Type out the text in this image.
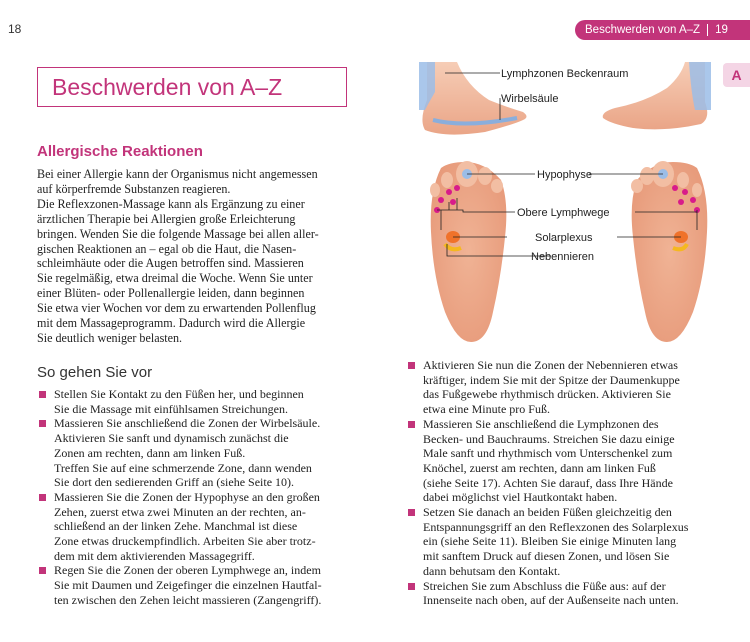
18	Beschwerden von A–Z 19
A
Beschwerden von A–Z
Allergische Reaktionen
Bei einer Allergie kann der Organismus nicht angemessen
auf körperfremde Substanzen reagieren.
Die Reflexzonen-Massage kann als Ergänzung zu einer
ärztlichen Therapie bei Allergien große Erleichterung
bringen. Wenden Sie die folgende Massage bei allen aller-
gischen Reaktionen an – egal ob die Haut, die Nasen-
schleimhäute oder die Augen betroffen sind. Massieren
Sie regelmäßig, etwa dreimal die Woche. Wenn Sie unter
einer Blüten- oder Pollenallergie leiden, dann beginnen
Sie etwa vier Wochen vor dem zu erwartenden Pollenflug
mit dem Massageprogramm. Dadurch wird die Allergie
Sie deutlich weniger belasten.
So gehen Sie vor
Stellen Sie Kontakt zu den Füßen her, und beginnen
Sie die Massage mit einfühlsamen Streichungen.
Massieren Sie anschließend die Zonen der Wirbelsäule.
Aktivieren Sie sanft und dynamisch zunächst die
Zonen am rechten, dann am linken Fuß.
Treffen Sie auf eine schmerzende Zone, dann wenden
Sie dort den sedierenden Griff an (siehe Seite 10).
Massieren Sie die Zonen der Hypophyse an den großen
Zehen, zuerst etwa zwei Minuten an der rechten, an-
schließend an der linken Zehe. Manchmal ist diese
Zone etwas druckempfindlich. Arbeiten Sie aber trotz-
dem mit dem aktivierenden Massagegriff.
Regen Sie die Zonen der oberen Lymphwege an, indem
Sie mit Daumen und Zeigefinger die einzelnen Hautfal-
ten zwischen den Zehen leicht massieren (Zangengriff).
Aktivieren Sie nun die Zonen der Nebennieren etwas
kräftiger, indem Sie mit der Spitze der Daumenkuppe
das Fußgewebe rhythmisch drücken. Aktivieren Sie
etwa eine Minute pro Fuß.
Massieren Sie anschließend die Lymphzonen des
Becken- und Bauchraums. Streichen Sie dazu einige
Male sanft und rhythmisch vom Unterschenkel zum
Knöchel, zuerst am rechten, dann am linken Fuß
(siehe Seite 17). Achten Sie darauf, dass Ihre Hände
dabei möglichst viel Hautkontakt haben.
Setzen Sie danach an beiden Füßen gleichzeitig den
Entspannungsgriff an den Reflexzonen des Solarplexus
ein (siehe Seite 11). Bleiben Sie einige Minuten lang
mit sanftem Druck auf diesen Zonen, und lösen Sie
dann behutsam den Kontakt.
Streichen Sie zum Abschluss die Füße aus: auf der
Innenseite nach oben, auf der Außenseite nach unten.
Lymphzonen Beckenraum
Wirbelsäule
Hypophyse
Obere Lymphwege
Solarplexus
Nebennieren
